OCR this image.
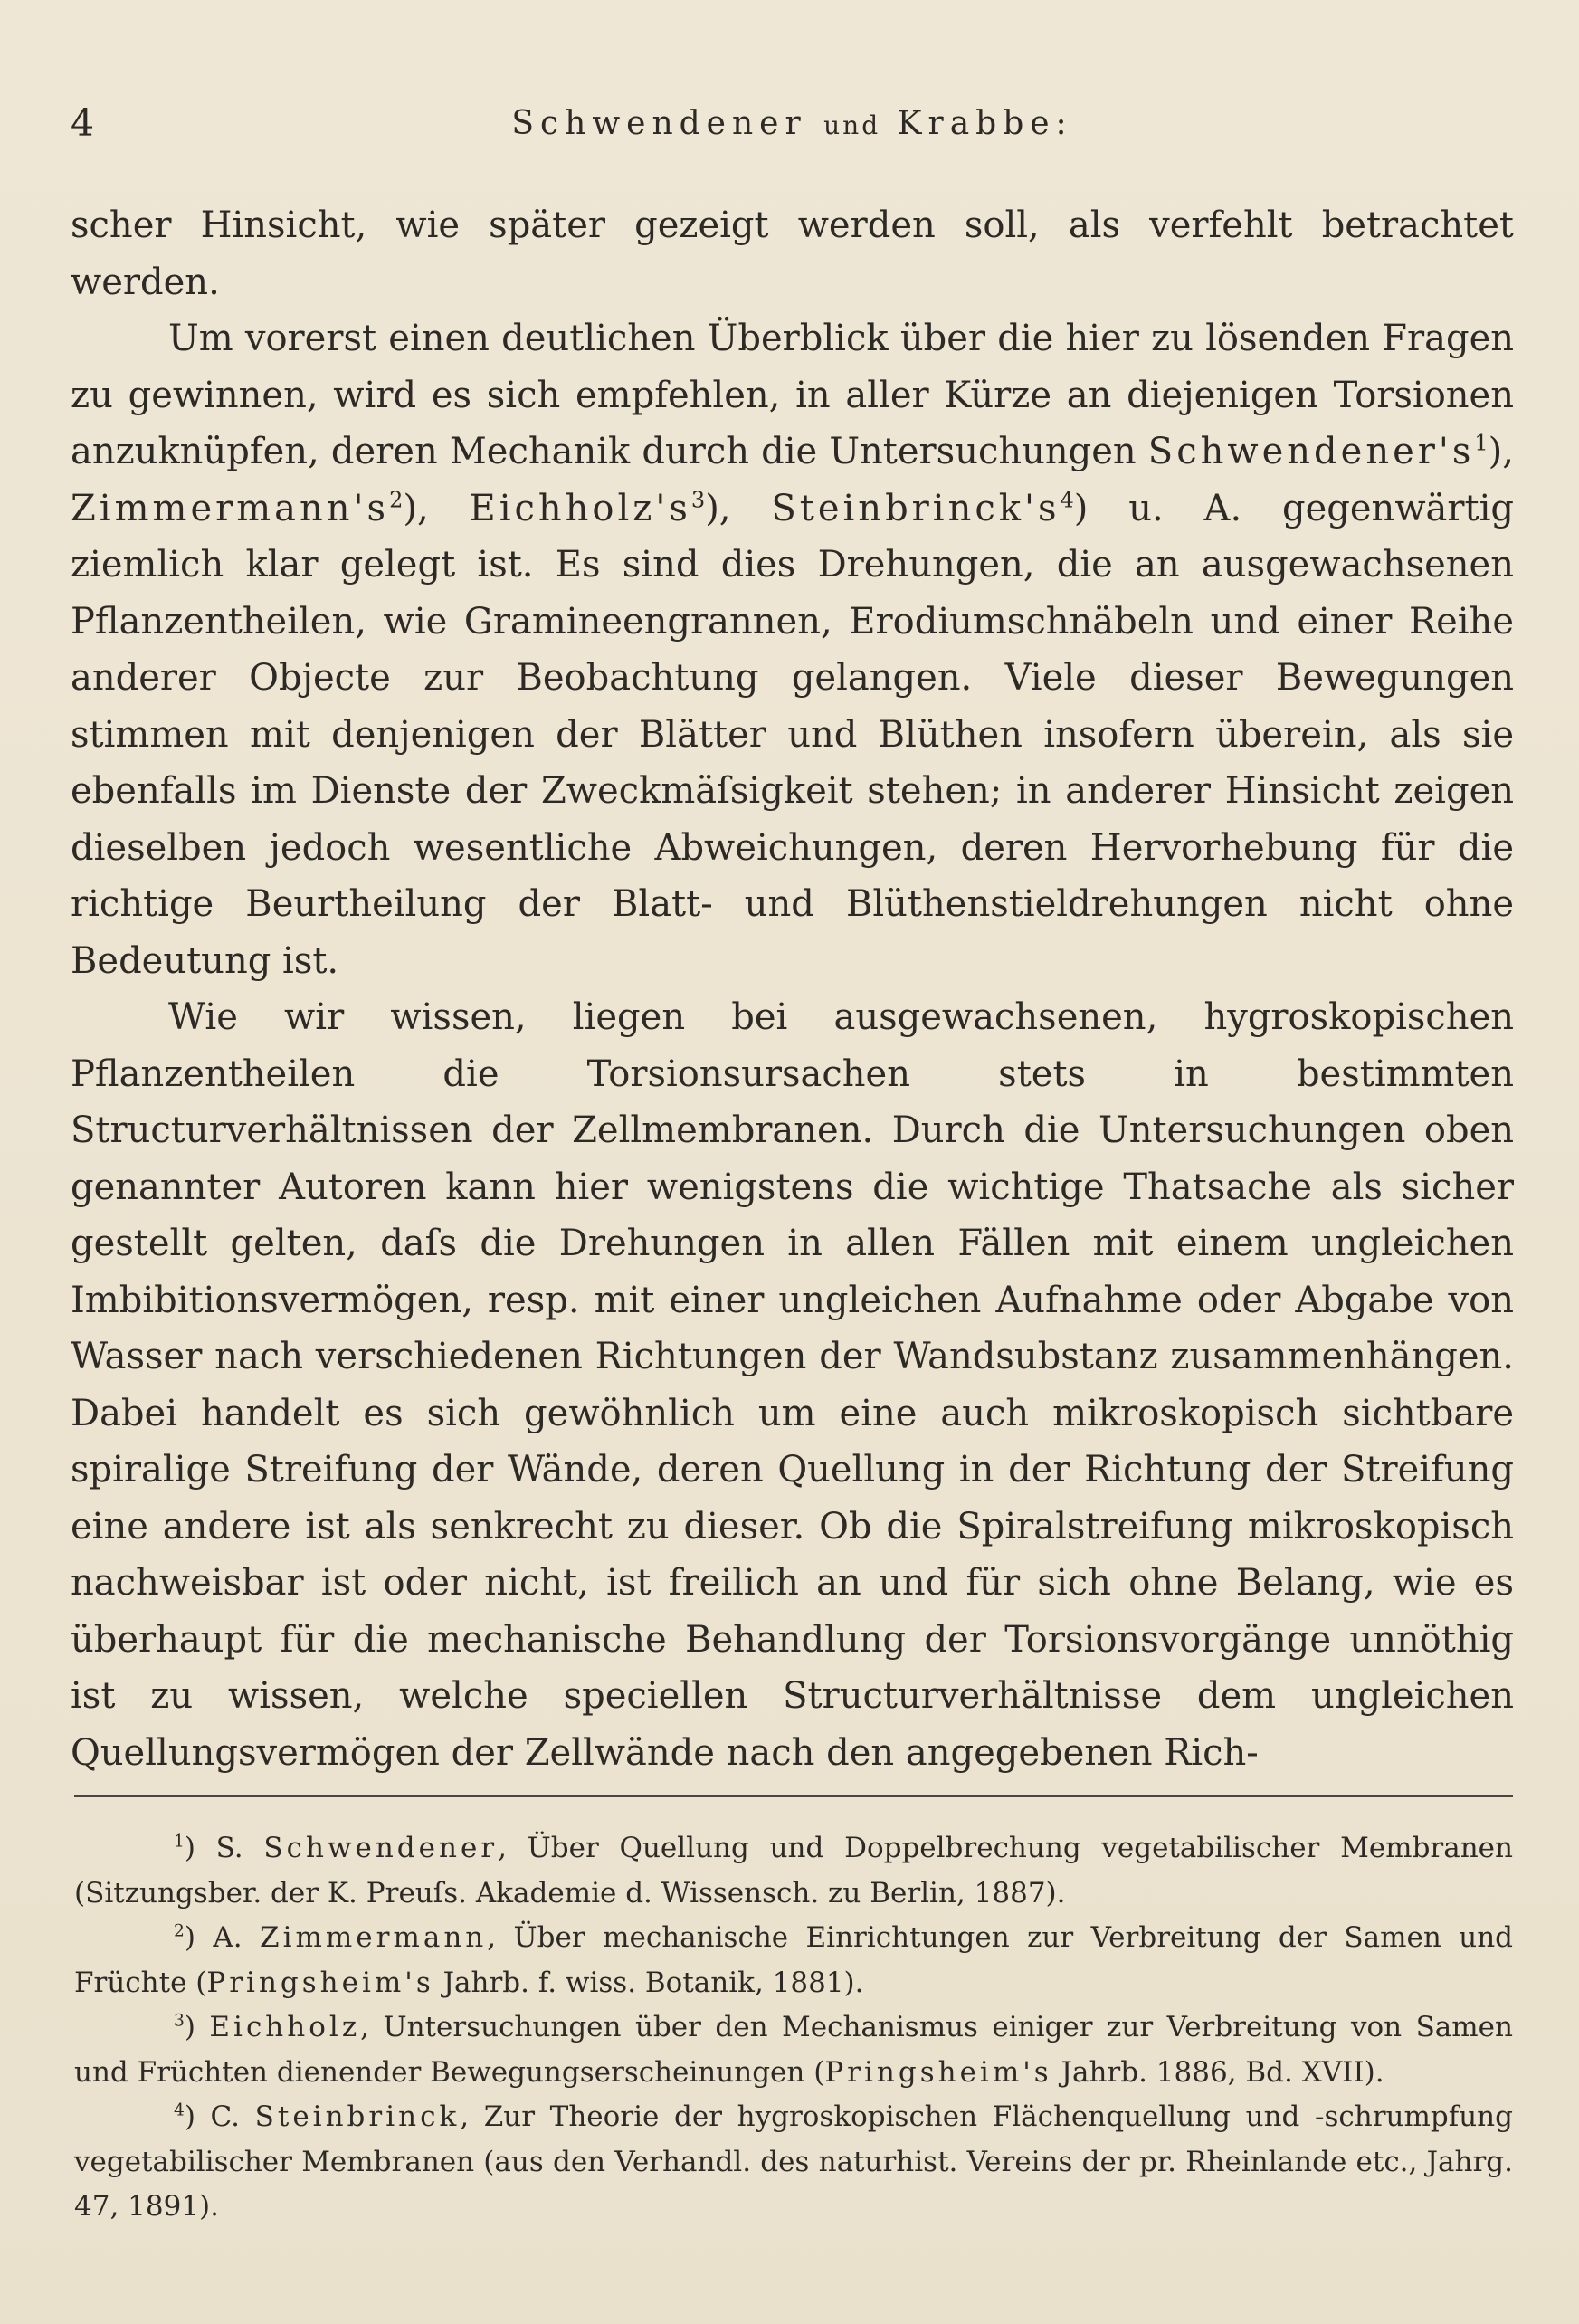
4	Schwendener und Krabbe:

scher Hinsicht, wie später gezeigt werden soll, als verfehlt betrachtet werden.

Um vorerst einen deutlichen Überblick über die hier zu lösenden Fragen zu gewinnen, wird es sich empfehlen, in aller Kürze an diejenigen Torsionen anzuknüpfen, deren Mechanik durch die Untersuchungen $Schwendener's^1$), $Zimmermann's^2$), $Eichholz's^3$), $Steinbrinck's^4$) u. A. gegenwärtig ziemlich klar gelegt ist. Es sind dies Drehungen, die an ausgewachsenen Pflanzentheilen, wie Gramineengrannen, Erodiumschnäbeln und einer Reihe anderer Objecte zur Beobachtung gelangen. Viele dieser Bewegungen stimmen mit denjenigen der Blätter und Blüthen insofern überein, als sie ebenfalls im Dienste der Zweckmäſsigkeit stehen; in anderer Hinsicht zeigen dieselben jedoch wesentliche Abweichungen, deren Hervorhebung für die richtige Beurtheilung der Blatt- und Blüthenstieldrehungen nicht ohne Bedeutung ist.

Wie wir wissen, liegen bei ausgewachsenen, hygroskopischen Pflanzentheilen die Torsionsursachen stets in bestimmten Structurverhältnissen der Zellmembranen. Durch die Untersuchungen oben genannter Autoren kann hier wenigstens die wichtige Thatsache als sicher gestellt gelten, daſs die Drehungen in allen Fällen mit einem ungleichen Imbibitionsvermögen, resp. mit einer ungleichen Aufnahme oder Abgabe von Wasser nach verschiedenen Richtungen der Wandsubstanz zusammenhängen. Dabei handelt es sich gewöhnlich um eine auch mikroskopisch sichtbare spiralige Streifung der Wände, deren Quellung in der Richtung der Streifung eine andere ist als senkrecht zu dieser. Ob die Spiralstreifung mikroskopisch nachweisbar ist oder nicht, ist freilich an und für sich ohne Belang, wie es überhaupt für die mechanische Behandlung der Torsionsvorgänge unnöthig ist zu wissen, welche speciellen Structurverhältnisse dem ungleichen Quellungsvermögen der Zellwände nach den angegebenen Rich-

$^1$) S. Schwendener, Über Quellung und Doppelbrechung vegetabilischer Membranen (Sitzungsber. der K. Preuſs. Akademie d. Wissensch. zu Berlin, 1887).

$^2$) A. Zimmermann, Über mechanische Einrichtungen zur Verbreitung der Samen und Früchte (Pringsheim's Jahrb. f. wiss. Botanik, 1881).

$^3$) Eichholz, Untersuchungen über den Mechanismus einiger zur Verbreitung von Samen und Früchten dienender Bewegungserscheinungen (Pringsheim's Jahrb. 1886, Bd. XVII).

$^4$) C. Steinbrinck, Zur Theorie der hygroskopischen Flächenquellung und -schrumpfung vegetabilischer Membranen (aus den Verhandl. des naturhist. Vereins der pr. Rheinlande etc., Jahrg. 47, 1891).
